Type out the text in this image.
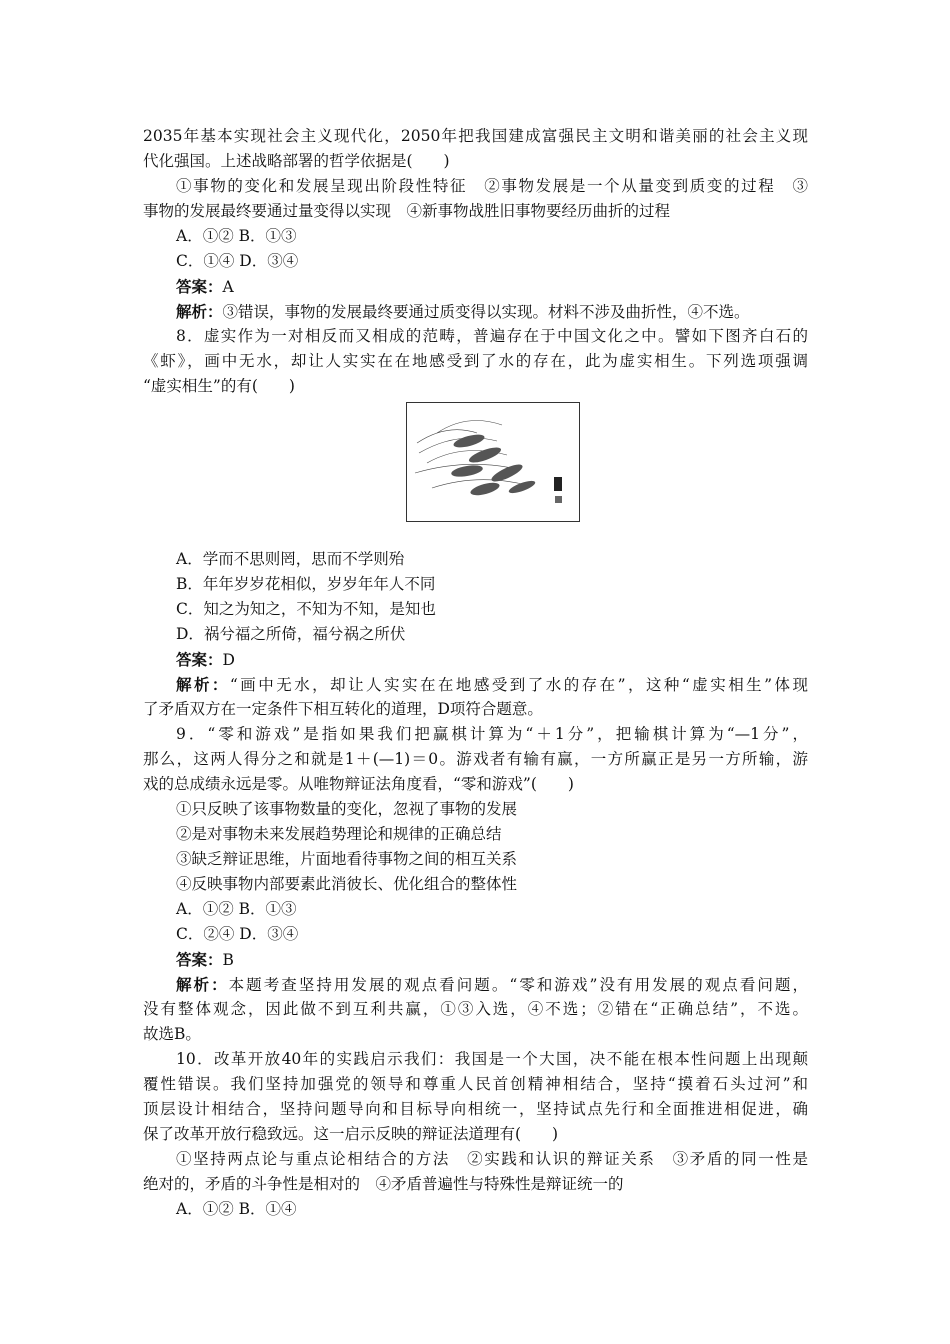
2035年基本实现社会主义现代化，2050年把我国建成富强民主文明和谐美丽的社会主义现
代化强国。上述战略部署的哲学依据是(　　)
①事物的变化和发展呈现出阶段性特征　②事物发展是一个从量变到质变的过程　③
事物的发展最终要通过量变得以实现　④新事物战胜旧事物要经历曲折的过程
A．①② B．①③
C．①④ D．③④
答案：A
解析：③错误，事物的发展最终要通过质变得以实现。材料不涉及曲折性，④不选。
8．虚实作为一对相反而又相成的范畴，普遍存在于中国文化之中。譬如下图齐白石的
《虾》，画中无水，却让人实实在在地感受到了水的存在，此为虚实相生。下列选项强调
“虚实相生”的有(　　)
A．学而不思则罔，思而不学则殆
B．年年岁岁花相似，岁岁年年人不同
C．知之为知之，不知为不知，是知也
D．祸兮福之所倚，福兮祸之所伏
答案：D
解析：“画中无水，却让人实实在在地感受到了水的存在”，这种“虚实相生”体现
了矛盾双方在一定条件下相互转化的道理，D项符合题意。
9．“零和游戏”是指如果我们把赢棋计算为“＋1分”，把输棋计算为“—1分”，
那么，这两人得分之和就是1＋(—1)＝0。游戏者有输有赢，一方所赢正是另一方所输，游
戏的总成绩永远是零。从唯物辩证法角度看，“零和游戏”(　　)
①只反映了该事物数量的变化，忽视了事物的发展
②是对事物未来发展趋势理论和规律的正确总结
③缺乏辩证思维，片面地看待事物之间的相互关系
④反映事物内部要素此消彼长、优化组合的整体性
A．①② B．①③
C．②④ D．③④
答案：B
解析：本题考查坚持用发展的观点看问题。“零和游戏”没有用发展的观点看问题，
没有整体观念，因此做不到互利共赢，①③入选，④不选；②错在“正确总结”，不选。
故选B。
10．改革开放40年的实践启示我们：我国是一个大国，决不能在根本性问题上出现颠
覆性错误。我们坚持加强党的领导和尊重人民首创精神相结合，坚持“摸着石头过河”和
顶层设计相结合，坚持问题导向和目标导向相统一，坚持试点先行和全面推进相促进，确
保了改革开放行稳致远。这一启示反映的辩证法道理有(　　)
①坚持两点论与重点论相结合的方法　②实践和认识的辩证关系　③矛盾的同一性是
绝对的，矛盾的斗争性是相对的　④矛盾普遍性与特殊性是辩证统一的
A．①② B．①④
